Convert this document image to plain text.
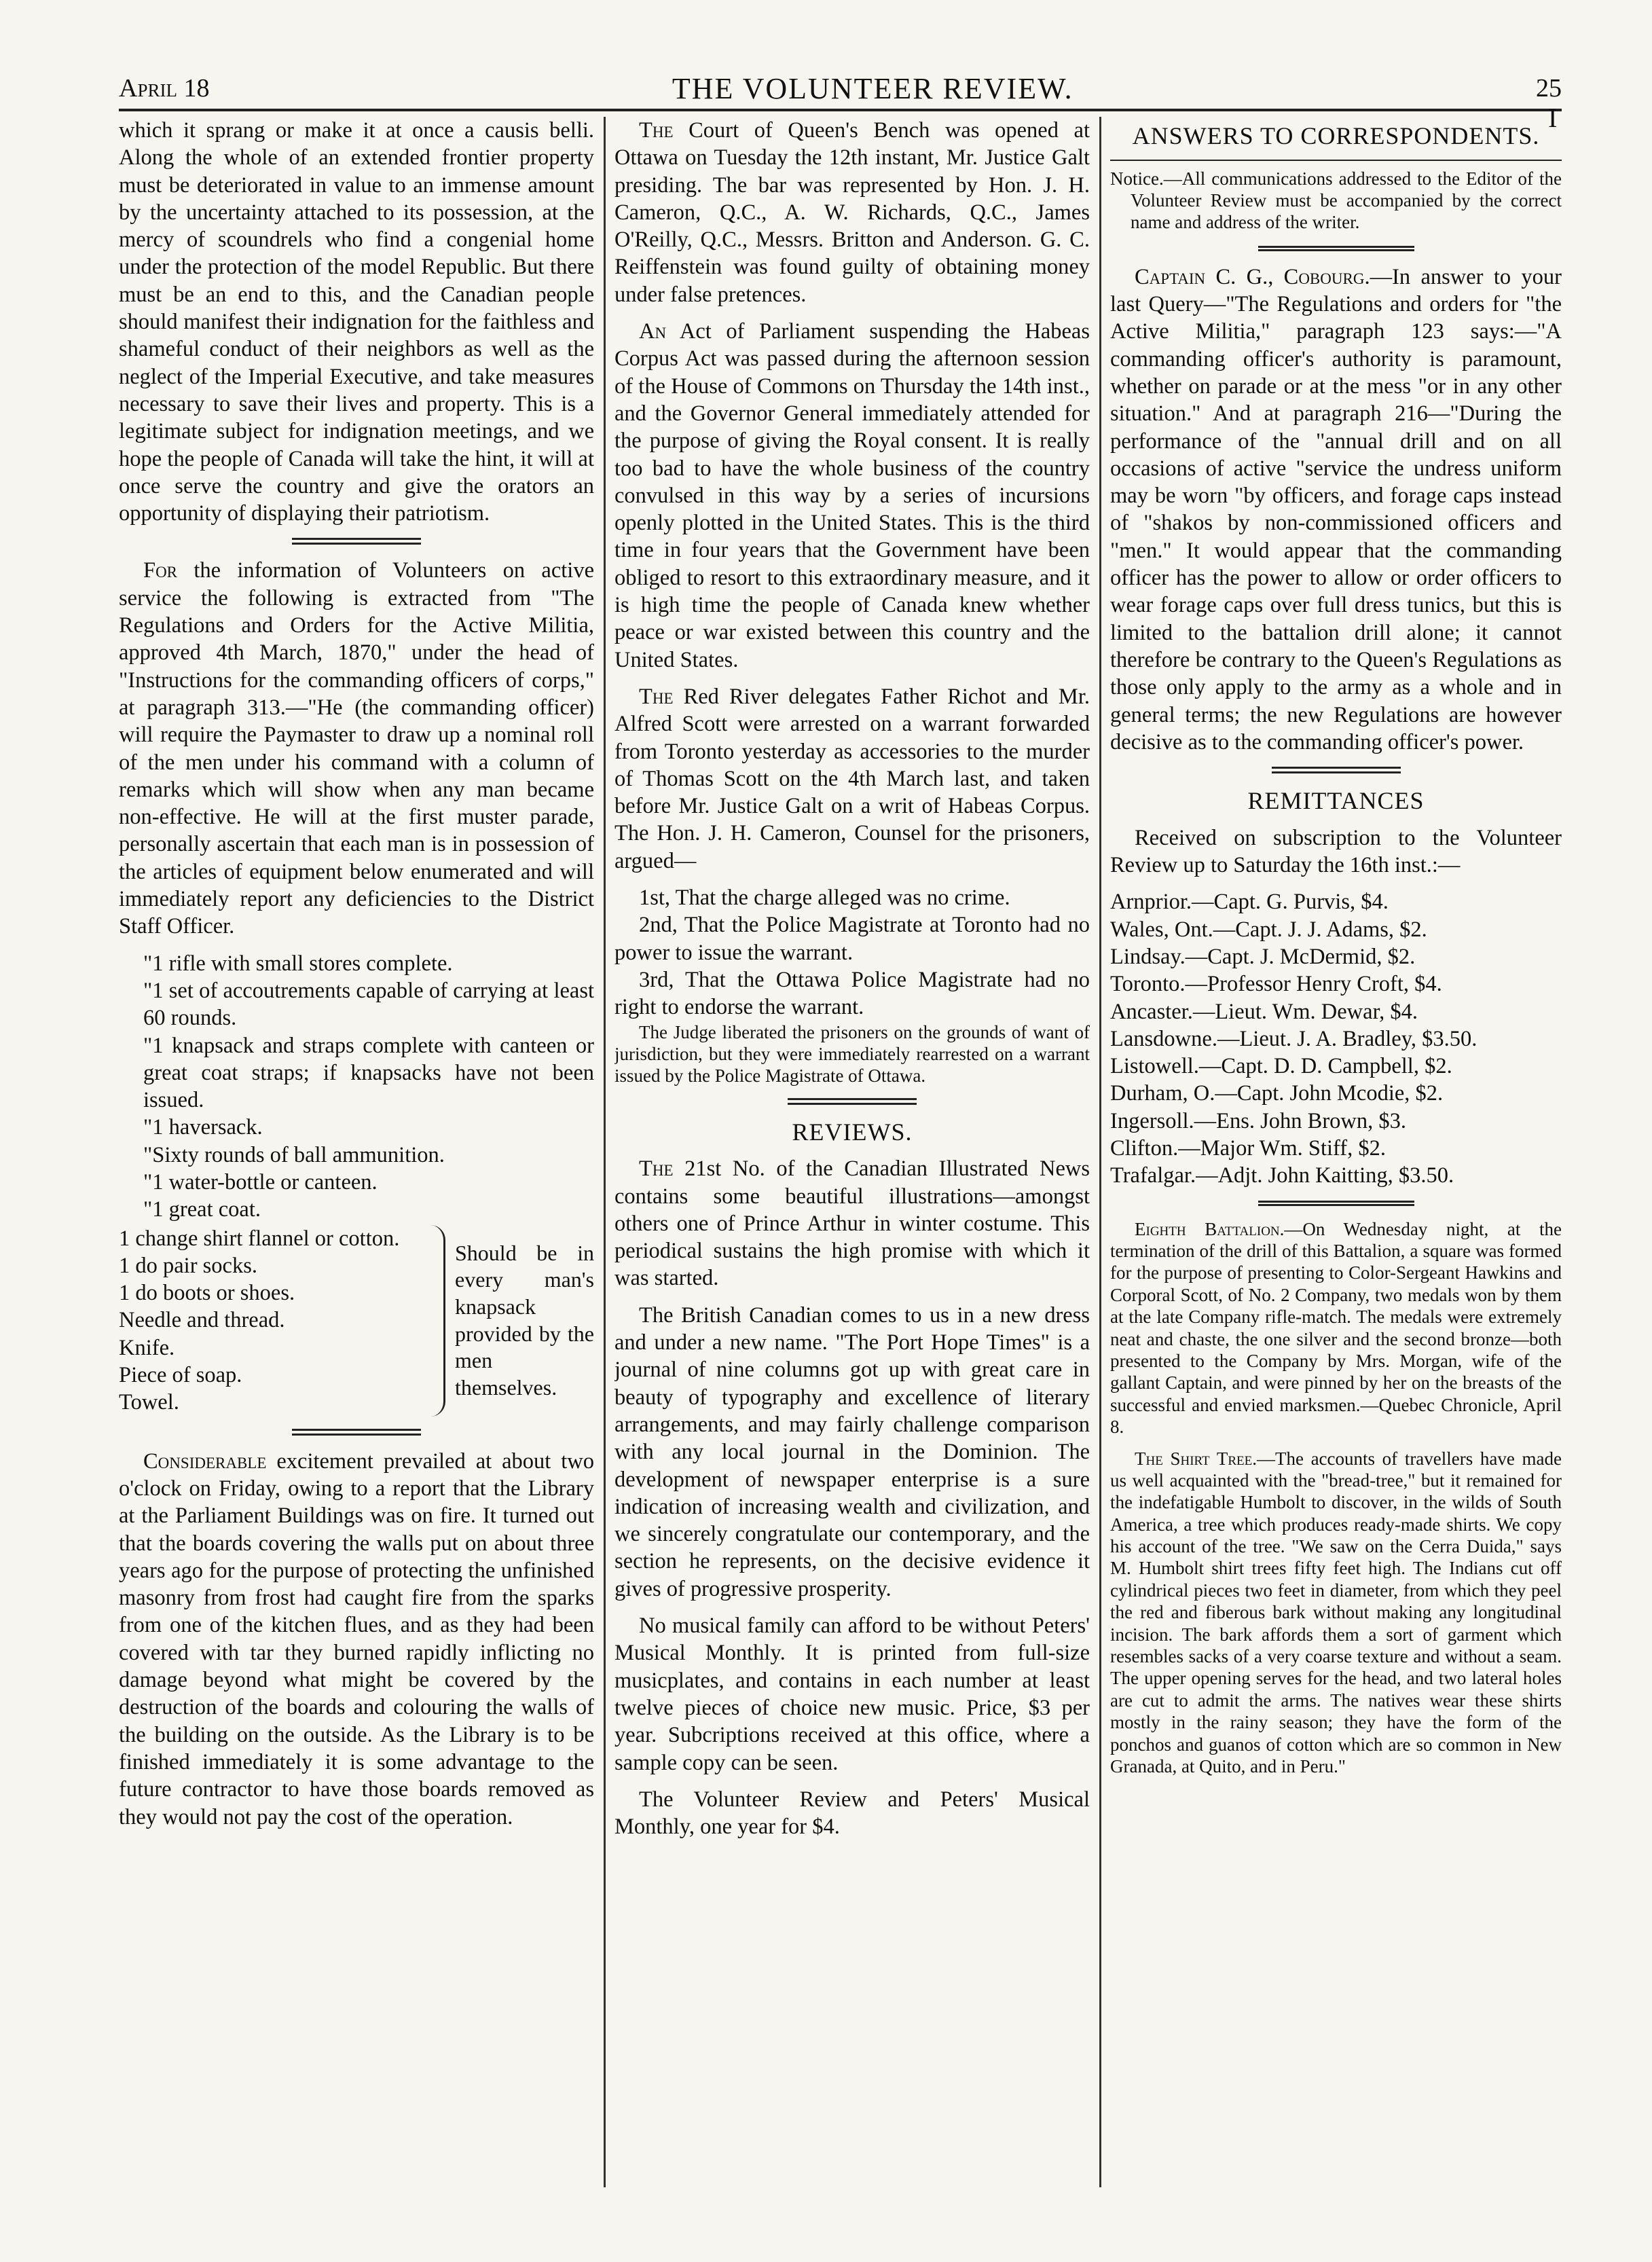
April 18	THE VOLUNTEER REVIEW.	25
I

which it sprang or make it at once a causis belli. Along the whole of an extended frontier property must be deteriorated in value to an immense amount by the uncertainty attached to its possession, at the mercy of scoundrels who find a congenial home under the protection of the model Republic. But there must be an end to this, and the Canadian people should manifest their indignation for the faithless and shameful conduct of their neighbors as well as the neglect of the Imperial Executive, and take measures necessary to save their lives and property. This is a legitimate subject for indignation meetings, and we hope the people of Canada will take the hint, it will at once serve the country and give the orators an opportunity of displaying their patriotism.

For the information of Volunteers on active service the following is extracted from "The Regulations and Orders for the Active Militia, approved 4th March, 1870," under the head of "Instructions for the commanding officers of corps," at paragraph 313.—"He (the commanding officer) will require the Paymaster to draw up a nominal roll of the men under his command with a column of remarks which will show when any man became non-effective. He will at the first muster parade, personally ascertain that each man is in possession of the articles of equipment below enumerated and will immediately report any deficiencies to the District Staff Officer.

"1 rifle with small stores complete.

"1 set of accoutrements capable of carrying at least 60 rounds.

"1 knapsack and straps complete with canteen or great coat straps; if knapsacks have not been issued.

"1 haversack.

"Sixty rounds of ball ammunition.

"1 water-bottle or canteen.

"1 great coat.

1 change shirt flannel or cotton.
1 do pair socks.
1 do boots or shoes.
Needle and thread.
Knife.
Piece of soap.
Towel.
Should be in every man's knapsack provided by the men themselves.

Considerable excitement prevailed at about two o'clock on Friday, owing to a report that the Library at the Parliament Buildings was on fire. It turned out that the boards covering the walls put on about three years ago for the purpose of protecting the unfinished masonry from frost had caught fire from the sparks from one of the kitchen flues, and as they had been covered with tar they burned rapidly inflicting no damage beyond what might be covered by the destruction of the boards and colouring the walls of the building on the outside. As the Library is to be finished immediately it is some advantage to the future contractor to have those boards removed as they would not pay the cost of the operation.

The Court of Queen's Bench was opened at Ottawa on Tuesday the 12th instant, Mr. Justice Galt presiding. The bar was represented by Hon. J. H. Cameron, Q.C., A. W. Richards, Q.C., James O'Reilly, Q.C., Messrs. Britton and Anderson. G. C. Reiffenstein was found guilty of obtaining money under false pretences.

An Act of Parliament suspending the Habeas Corpus Act was passed during the afternoon session of the House of Commons on Thursday the 14th inst., and the Governor General immediately attended for the purpose of giving the Royal consent. It is really too bad to have the whole business of the country convulsed in this way by a series of incursions openly plotted in the United States. This is the third time in four years that the Government have been obliged to resort to this extraordinary measure, and it is high time the people of Canada knew whether peace or war existed between this country and the United States.

The Red River delegates Father Richot and Mr. Alfred Scott were arrested on a warrant forwarded from Toronto yesterday as accessories to the murder of Thomas Scott on the 4th March last, and taken before Mr. Justice Galt on a writ of Habeas Corpus. The Hon. J. H. Cameron, Counsel for the prisoners, argued—

1st, That the charge alleged was no crime.

2nd, That the Police Magistrate at Toronto had no power to issue the warrant.

3rd, That the Ottawa Police Magistrate had no right to endorse the warrant.

The Judge liberated the prisoners on the grounds of want of jurisdiction, but they were immediately rearrested on a warrant issued by the Police Magistrate of Ottawa.

REVIEWS.

The 21st No. of the Canadian Illustrated News contains some beautiful illustrations—amongst others one of Prince Arthur in winter costume. This periodical sustains the high promise with which it was started.

The British Canadian comes to us in a new dress and under a new name. "The Port Hope Times" is a journal of nine columns got up with great care in beauty of typography and excellence of literary arrangements, and may fairly challenge comparison with any local journal in the Dominion. The development of newspaper enterprise is a sure indication of increasing wealth and civilization, and we sincerely congratulate our contemporary, and the section he represents, on the decisive evidence it gives of progressive prosperity.

No musical family can afford to be without Peters' Musical Monthly. It is printed from full-size musicplates, and contains in each number at least twelve pieces of choice new music. Price, $3 per year. Subcriptions received at this office, where a sample copy can be seen.

The Volunteer Review and Peters' Musical Monthly, one year for $4.

ANSWERS TO CORRESPONDENTS.

Notice.—All communications addressed to the Editor of the Volunteer Review must be accompanied by the correct name and address of the writer.

Captain C. G., Cobourg.—In answer to your last Query—"The Regulations and orders for "the Active Militia," paragraph 123 says:—"A commanding officer's authority is paramount, whether on parade or at the mess "or in any other situation." And at paragraph 216—"During the performance of the "annual drill and on all occasions of active "service the undress uniform may be worn "by officers, and forage caps instead of "shakos by non-commissioned officers and "men." It would appear that the commanding officer has the power to allow or order officers to wear forage caps over full dress tunics, but this is limited to the battalion drill alone; it cannot therefore be contrary to the Queen's Regulations as those only apply to the army as a whole and in general terms; the new Regulations are however decisive as to the commanding officer's power.

REMITTANCES

Received on subscription to the Volunteer Review up to Saturday the 16th inst.:—

Arnprior.—Capt. G. Purvis, $4.
Wales, Ont.—Capt. J. J. Adams, $2.
Lindsay.—Capt. J. McDermid, $2.
Toronto.—Professor Henry Croft, $4.
Ancaster.—Lieut. Wm. Dewar, $4.
Lansdowne.—Lieut. J. A. Bradley, $3.50.
Listowell.—Capt. D. D. Campbell, $2.
Durham, O.—Capt. John Mcodie, $2.
Ingersoll.—Ens. John Brown, $3.
Clifton.—Major Wm. Stiff, $2.
Trafalgar.—Adjt. John Kaitting, $3.50.

Eighth Battalion.—On Wednesday night, at the termination of the drill of this Battalion, a square was formed for the purpose of presenting to Color-Sergeant Hawkins and Corporal Scott, of No. 2 Company, two medals won by them at the late Company rifle-match. The medals were extremely neat and chaste, the one silver and the second bronze—both presented to the Company by Mrs. Morgan, wife of the gallant Captain, and were pinned by her on the breasts of the successful and envied marksmen.—Quebec Chronicle, April 8.

The Shirt Tree.—The accounts of travellers have made us well acquainted with the "bread-tree," but it remained for the indefatigable Humbolt to discover, in the wilds of South America, a tree which produces ready-made shirts. We copy his account of the tree. "We saw on the Cerra Duida," says M. Humbolt shirt trees fifty feet high. The Indians cut off cylindrical pieces two feet in diameter, from which they peel the red and fiberous bark without making any longitudinal incision. The bark affords them a sort of garment which resembles sacks of a very coarse texture and without a seam. The upper opening serves for the head, and two lateral holes are cut to admit the arms. The natives wear these shirts mostly in the rainy season; they have the form of the ponchos and guanos of cotton which are so common in New Granada, at Quito, and in Peru."
